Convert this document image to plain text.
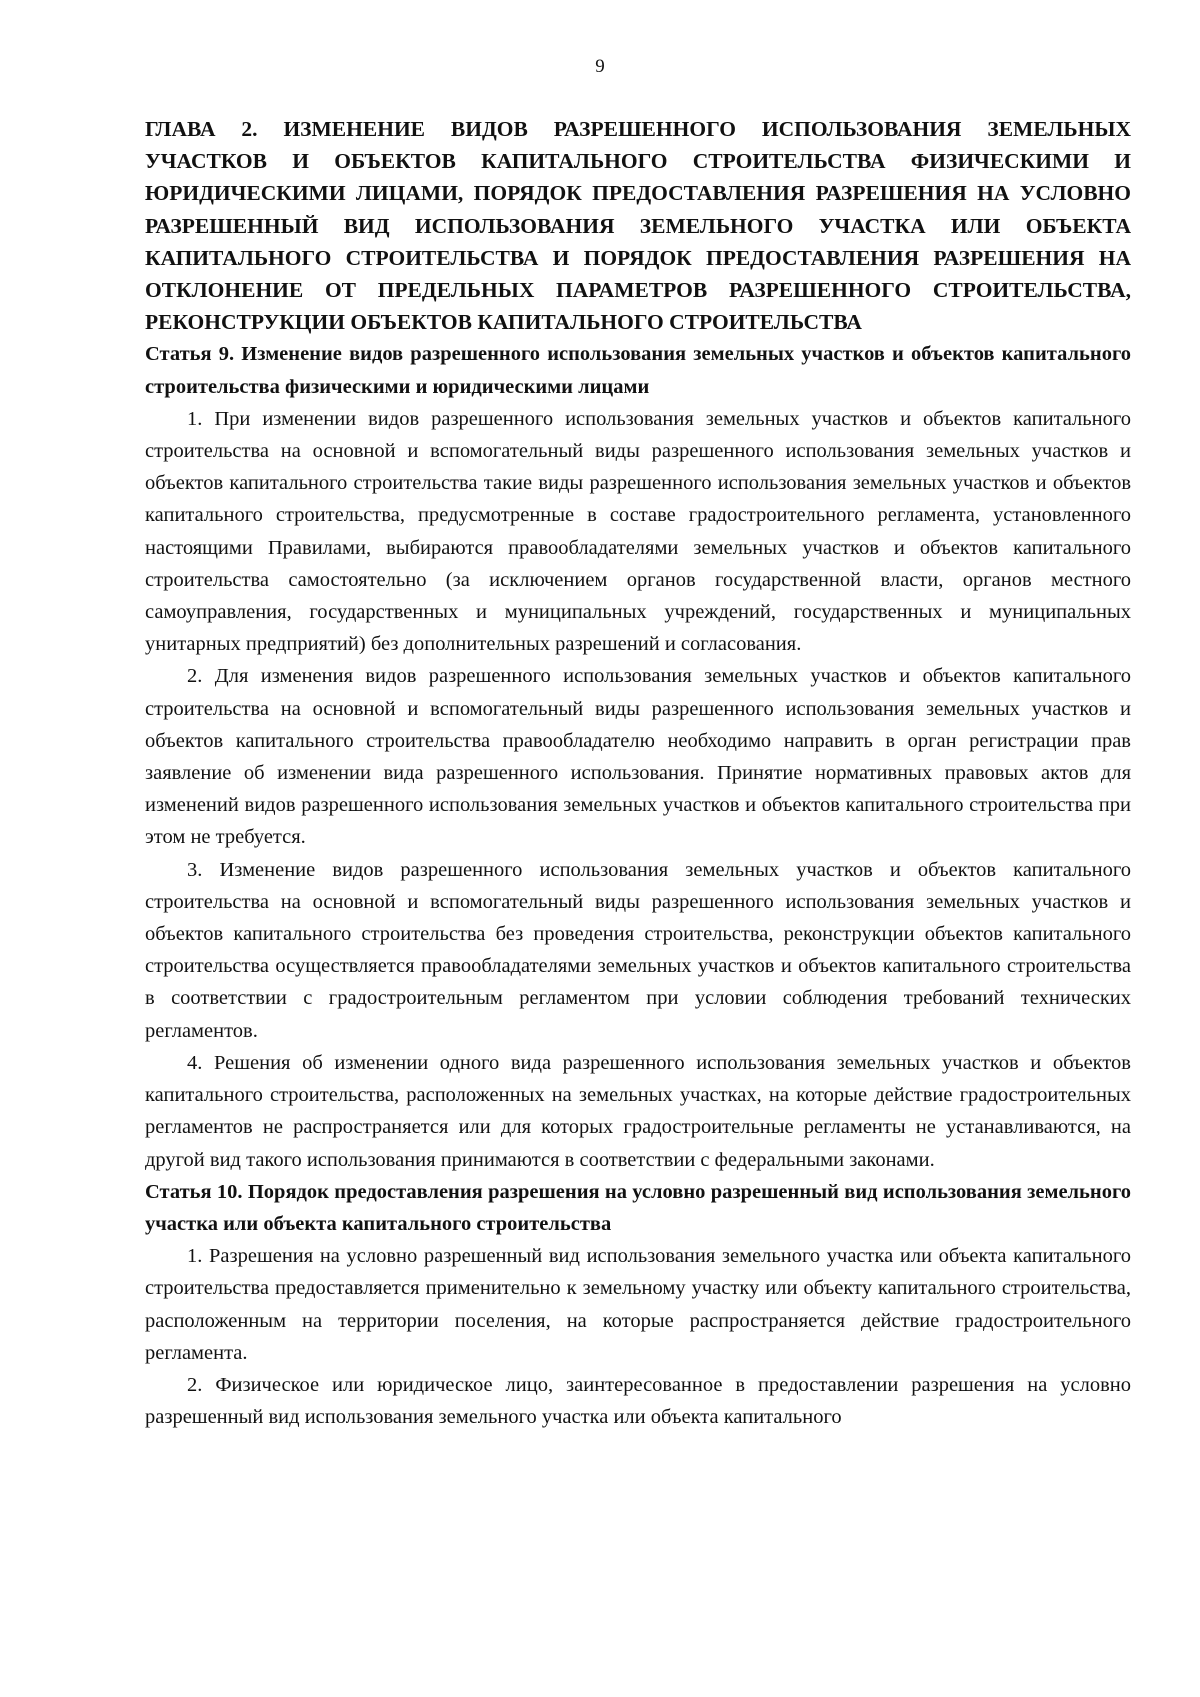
9
ГЛАВА 2. ИЗМЕНЕНИЕ ВИДОВ РАЗРЕШЕННОГО ИСПОЛЬЗОВАНИЯ ЗЕМЕЛЬНЫХ УЧАСТКОВ И ОБЪЕКТОВ КАПИТАЛЬНОГО СТРОИТЕЛЬСТВА ФИЗИЧЕСКИМИ И ЮРИДИЧЕСКИМИ ЛИЦАМИ, ПОРЯДОК ПРЕДОСТАВЛЕНИЯ РАЗРЕШЕНИЯ НА УСЛОВНО РАЗРЕШЕННЫЙ ВИД ИСПОЛЬЗОВАНИЯ ЗЕМЕЛЬНОГО УЧАСТКА ИЛИ ОБЪЕКТА КАПИТАЛЬНОГО СТРОИТЕЛЬСТВА И ПОРЯДОК ПРЕДОСТАВЛЕНИЯ РАЗРЕШЕНИЯ НА ОТКЛОНЕНИЕ ОТ ПРЕДЕЛЬНЫХ ПАРАМЕТРОВ РАЗРЕШЕННОГО СТРОИТЕЛЬСТВА, РЕКОНСТРУКЦИИ ОБЪЕКТОВ КАПИТАЛЬНОГО СТРОИТЕЛЬСТВА
Статья 9. Изменение видов разрешенного использования земельных участков и объектов капитального строительства физическими и юридическими лицами

1. При изменении видов разрешенного использования земельных участков и объектов капитального строительства на основной и вспомогательный виды разрешенного использования земельных участков и объектов капитального строительства такие виды разрешенного использования земельных участков и объектов капитального строительства, предусмотренные в составе градостроительного регламента, установленного настоящими Правилами, выбираются правообладателями земельных участков и объектов капитального строительства самостоятельно (за исключением органов государственной власти, органов местного самоуправления, государственных и муниципальных учреждений, государственных и муниципальных унитарных предприятий) без дополнительных разрешений и согласования.

2. Для изменения видов разрешенного использования земельных участков и объектов капитального строительства на основной и вспомогательный виды разрешенного использования земельных участков и объектов капитального строительства правообладателю необходимо направить в орган регистрации прав заявление об изменении вида разрешенного использования. Принятие нормативных правовых актов для изменений видов разрешенного использования земельных участков и объектов капитального строительства при этом не требуется.

3. Изменение видов разрешенного использования земельных участков и объектов капитального строительства на основной и вспомогательный виды разрешенного использования земельных участков и объектов капитального строительства без проведения строительства, реконструкции объектов капитального строительства осуществляется правообладателями земельных участков и объектов капитального строительства в соответствии с градостроительным регламентом при условии соблюдения требований технических регламентов.

4. Решения об изменении одного вида разрешенного использования земельных участков и объектов капитального строительства, расположенных на земельных участках, на которые действие градостроительных регламентов не распространяется или для которых градостроительные регламенты не устанавливаются, на другой вид такого использования принимаются в соответствии с федеральными законами.

Статья 10. Порядок предоставления разрешения на условно разрешенный вид использования земельного участка или объекта капитального строительства

1. Разрешения на условно разрешенный вид использования земельного участка или объекта капитального строительства предоставляется применительно к земельному участку или объекту капитального строительства, расположенным на территории поселения, на которые распространяется действие градостроительного регламента.

2. Физическое или юридическое лицо, заинтересованное в предоставлении разрешения на условно разрешенный вид использования земельного участка или объекта капитального
